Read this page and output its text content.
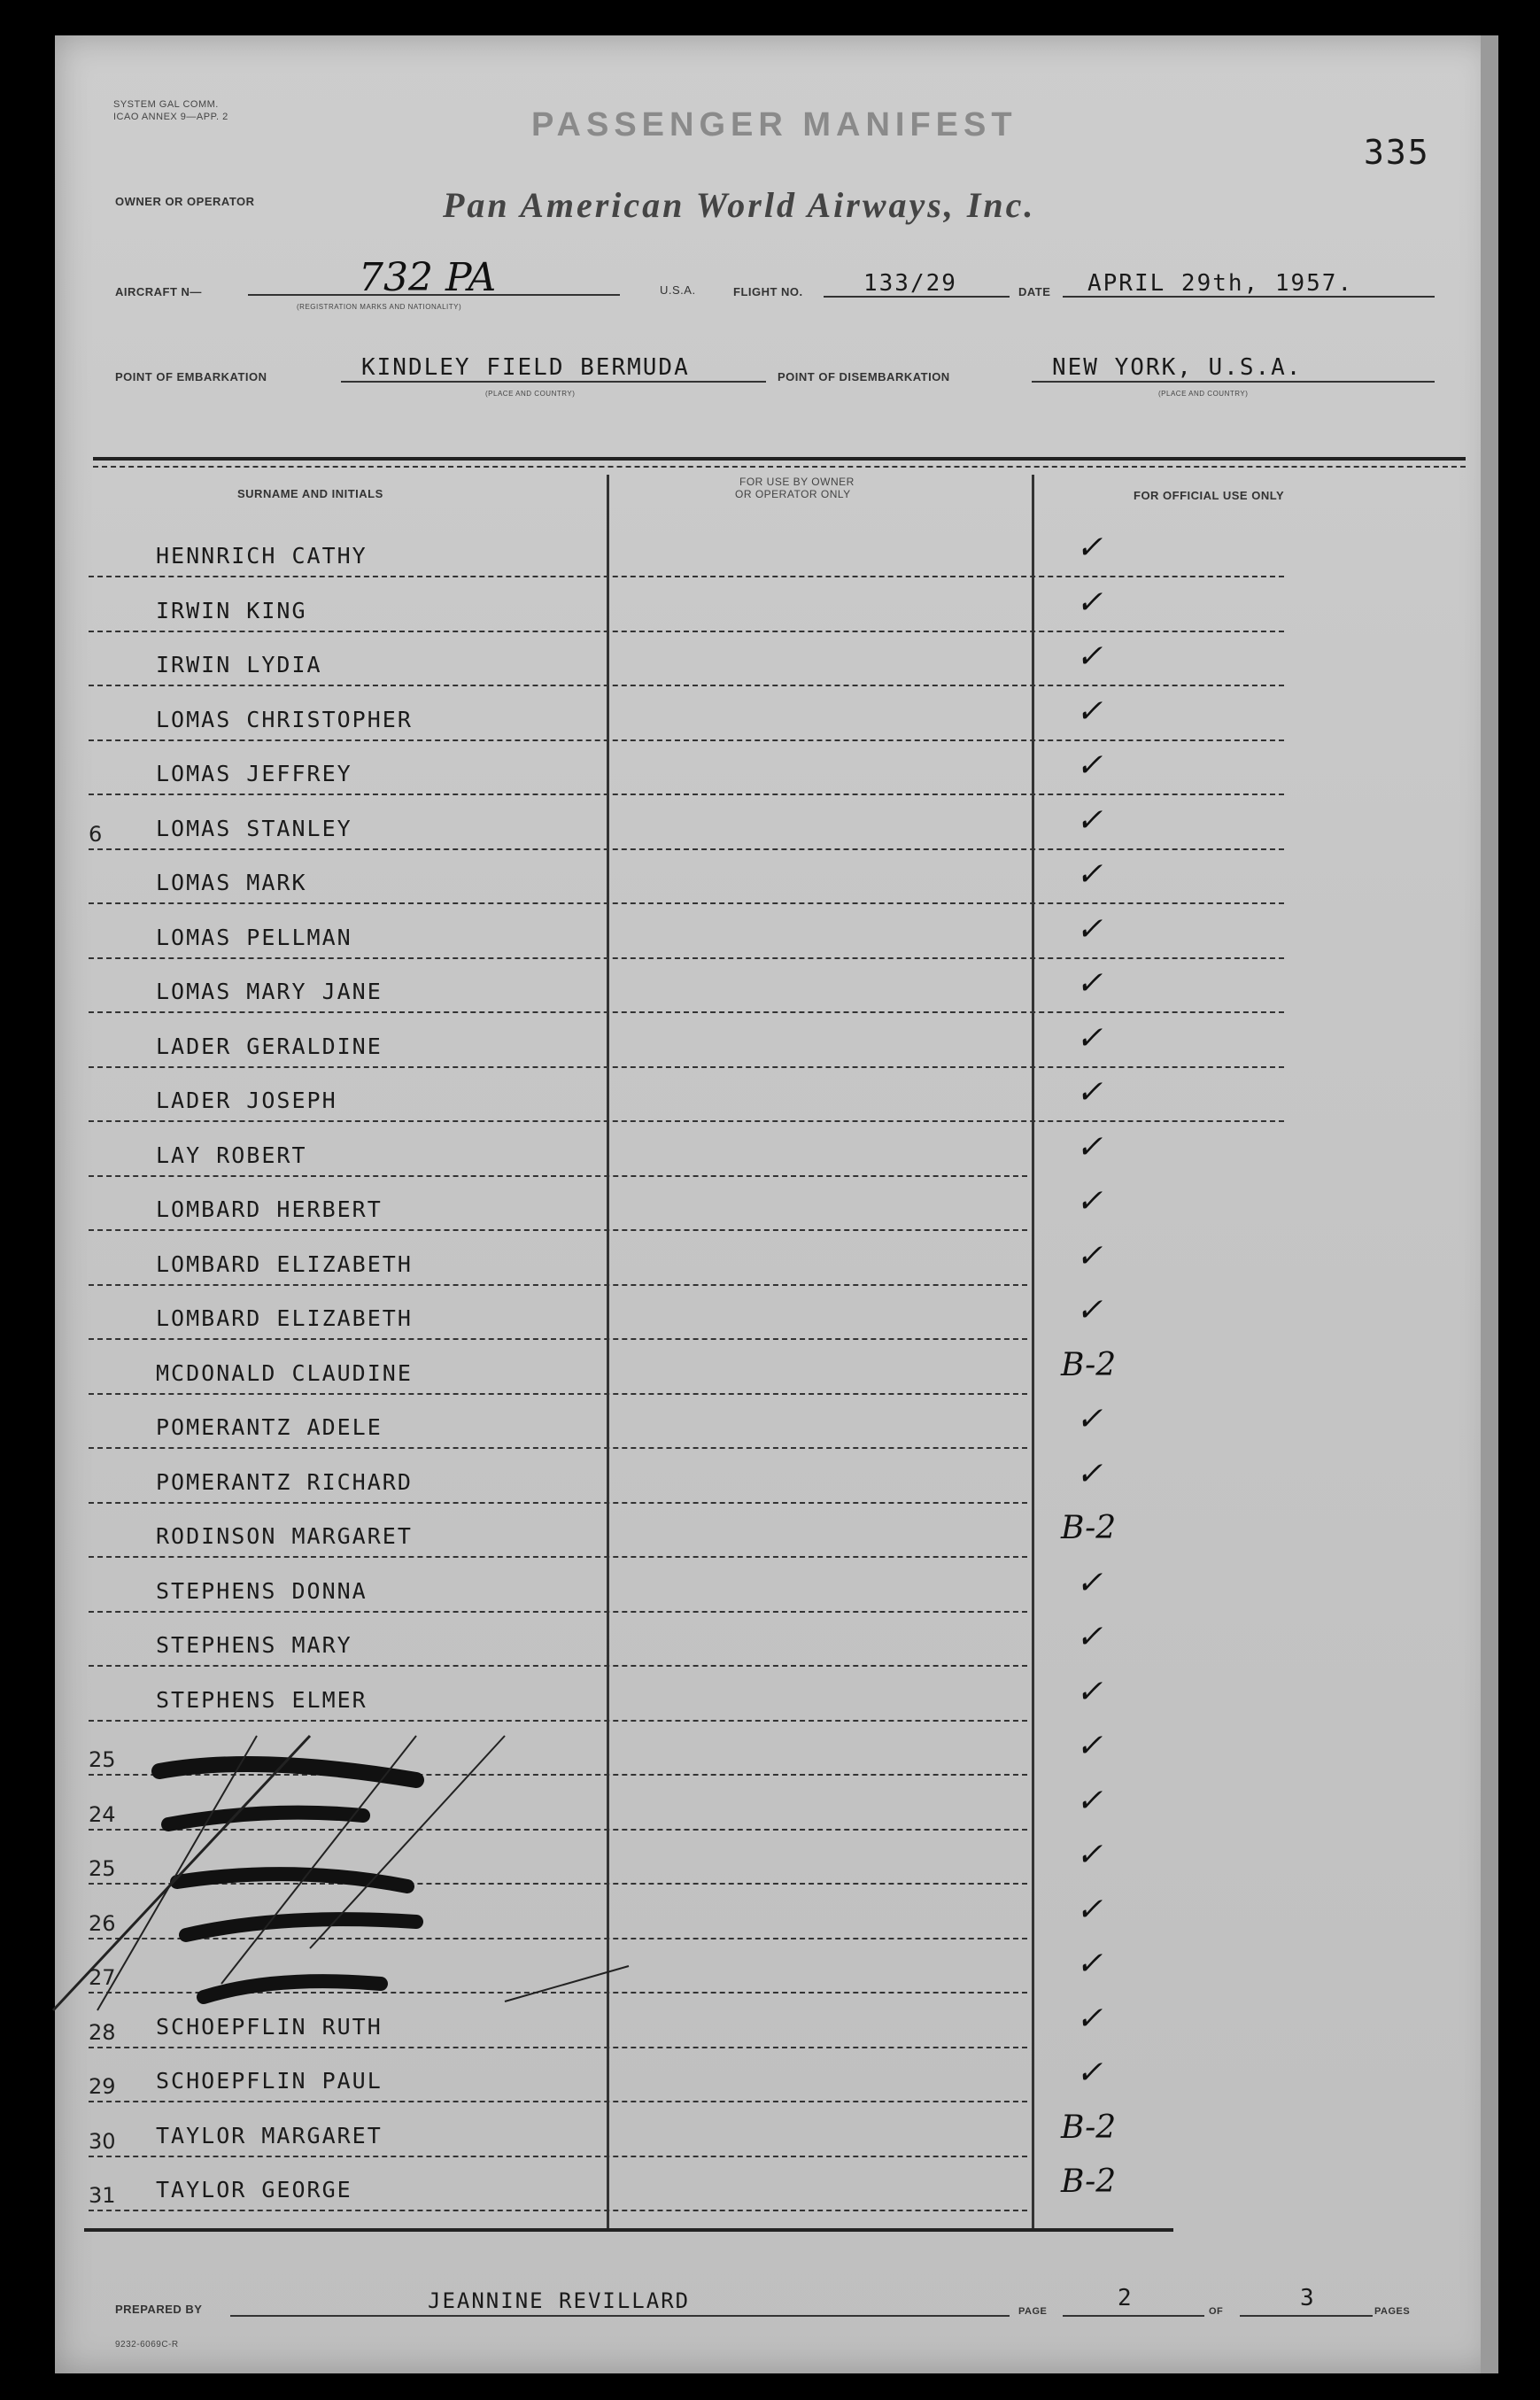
SYSTEM GAL COMM.
ICAO ANNEX 9—APP. 2	PASSENGER MANIFEST
335
OWNER OR OPERATOR	Pan American World Airways, Inc.
AIRCRAFT N—	732 PA
(REGISTRATION MARKS AND NATIONALITY)
U.S.A.	FLIGHT NO.	133/29	DATE APRIL 29th, 1957.
POINT OF EMBARKATION	KINDLEY FIELD BERMUDA
(PLACE AND COUNTRY)
POINT OF DISEMBARKATION	NEW YORK, U.S.A.
(PLACE AND COUNTRY)
SURNAME AND INITIALS
FOR USE BY OWNER
OR OPERATOR ONLY	FOR OFFICIAL USE ONLY
HENNRICH CATHY	✓
IRWIN KING	✓
IRWIN LYDIA	✓
LOMAS CHRISTOPHER	✓
LOMAS JEFFREY	✓
6 LOMAS STANLEY	✓
LOMAS MARK	✓
LOMAS PELLMAN	✓
LOMAS MARY JANE	✓
LADER GERALDINE	✓
LADER JOSEPH	✓
LAY ROBERT	✓
LOMBARD HERBERT	✓
LOMBARD ELIZABETH	✓
LOMBARD ELIZABETH	✓
MCDONALD CLAUDINE	B-2
POMERANTZ ADELE	✓
POMERANTZ RICHARD	✓
RODINSON MARGARET	B-2
STEPHENS DONNA	✓
STEPHENS MARY	✓
STEPHENS ELMER	✓
25	✓
24	✓
25	✓
26	✓
27	✓
28 SCHOEPFLIN RUTH	✓
29 SCHOEPFLIN PAUL	✓
30 TAYLOR MARGARET	B-2
31 TAYLOR GEORGE	B-2
PREPARED BY	JEANNINE REVILLARD	PAGE	2	OF	3	PAGES
9232-6069C-R
